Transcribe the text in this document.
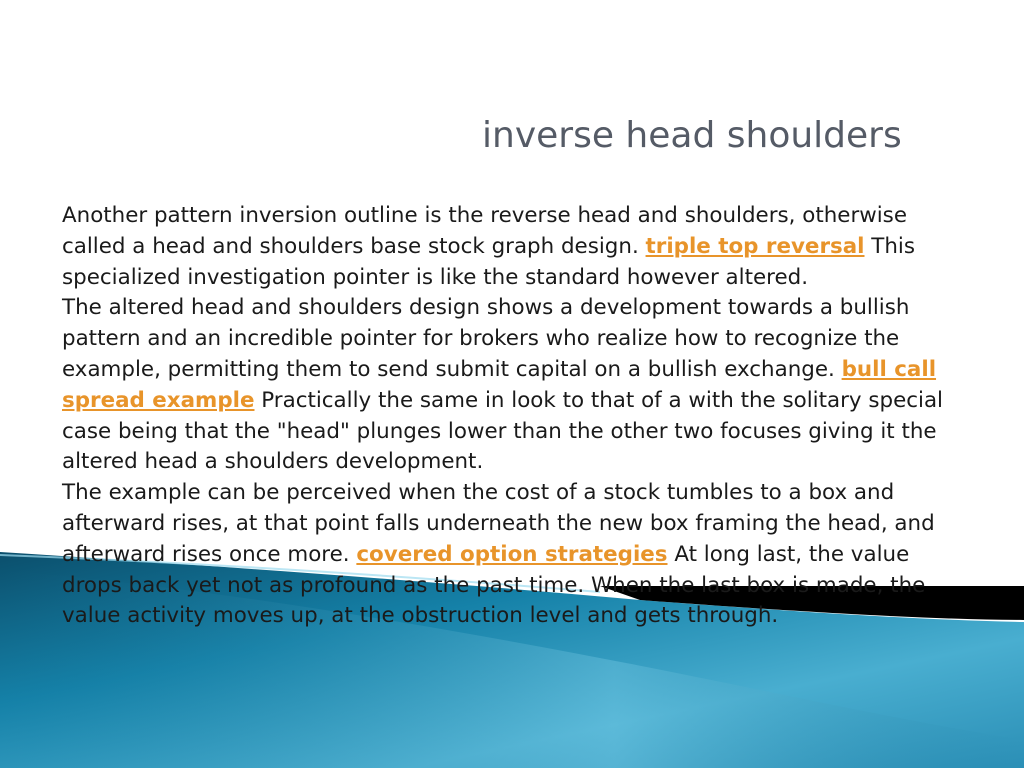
inverse head shoulders

Another pattern inversion outline is the reverse head and shoulders, otherwise called a head and shoulders base stock graph design. triple top reversal This specialized investigation pointer is like the standard however altered.

The altered head and shoulders design shows a development towards a bullish pattern and an incredible pointer for brokers who realize how to recognize the example, permitting them to send submit capital on a bullish exchange. bull call spread example Practically the same in look to that of a with the solitary special case being that the "head" plunges lower than the other two focuses giving it the altered head a shoulders development.

The example can be perceived when the cost of a stock tumbles to a box and afterward rises, at that point falls underneath the new box framing the head, and afterward rises once more. covered option strategies At long last, the value drops back yet not as profound as the past time. When the last box is made, the value activity moves up, at the obstruction level and gets through.
